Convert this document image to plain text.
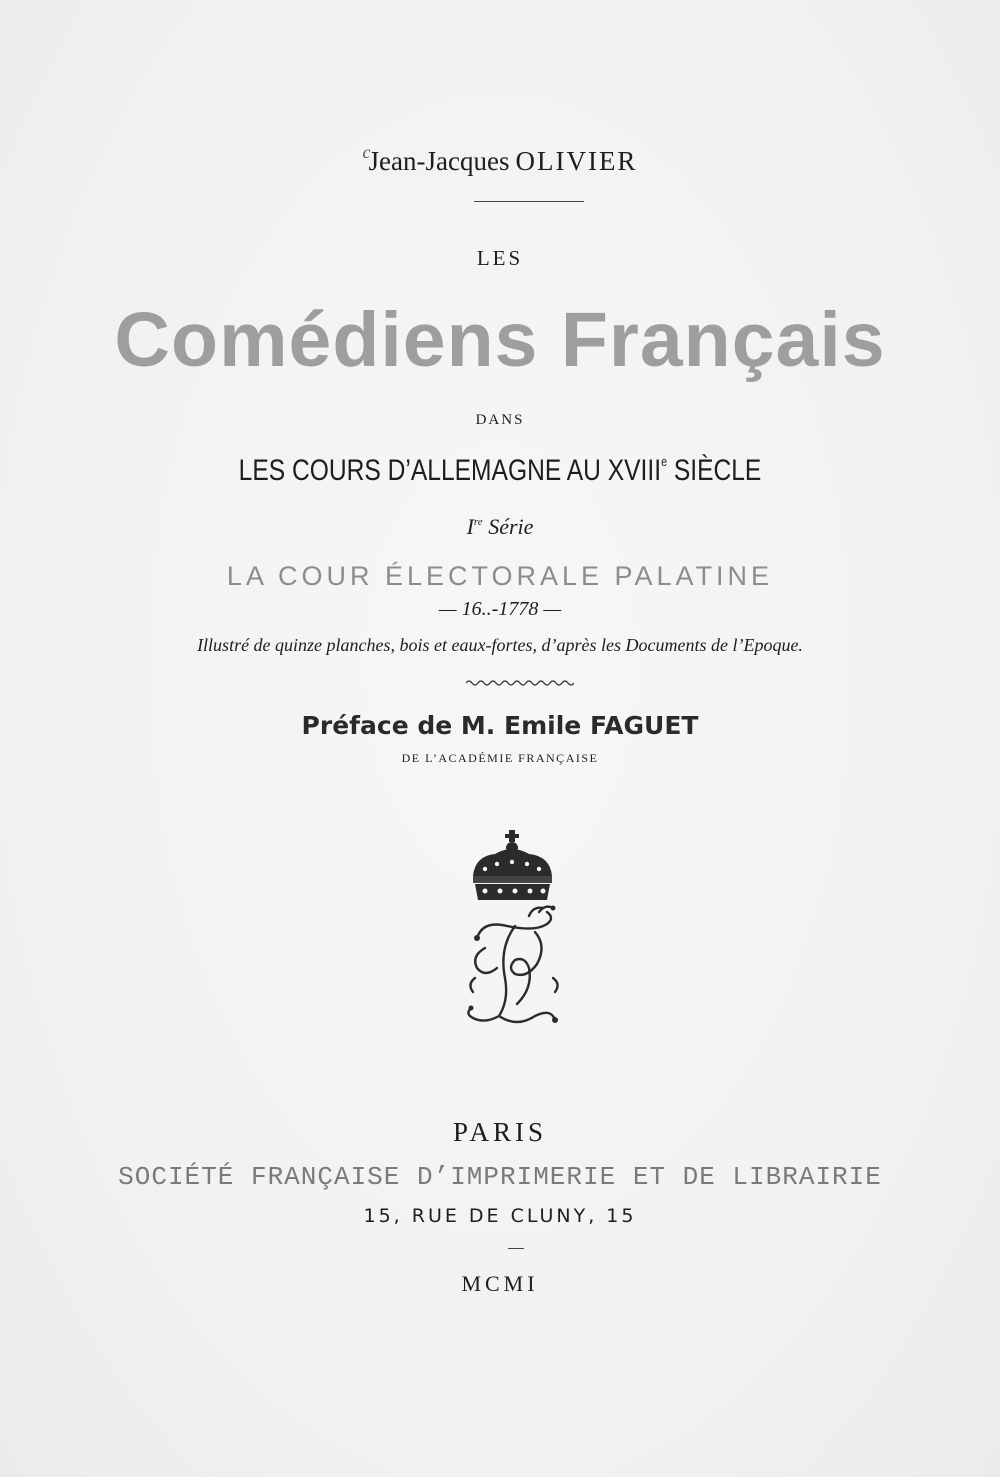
$^c$Jean-Jacques OLIVIER
LES
Comédiens Français
DANS
LES COURS D’ALLEMAGNE AU XVIIIe SIÈCLE
Ire Série
LA COUR ÉLECTORALE PALATINE
— 16..-1778 —
Illustré de quinze planches, bois et eaux-fortes, d’après les Documents de l’Epoque.
Préface de M. Emile FAGUET
DE L’ACADÉMIE FRANÇAISE
PARIS
SOCIÉTÉ FRANÇAISE D’IMPRIMERIE ET DE LIBRAIRIE
15, RUE DE CLUNY, 15
MCMI
